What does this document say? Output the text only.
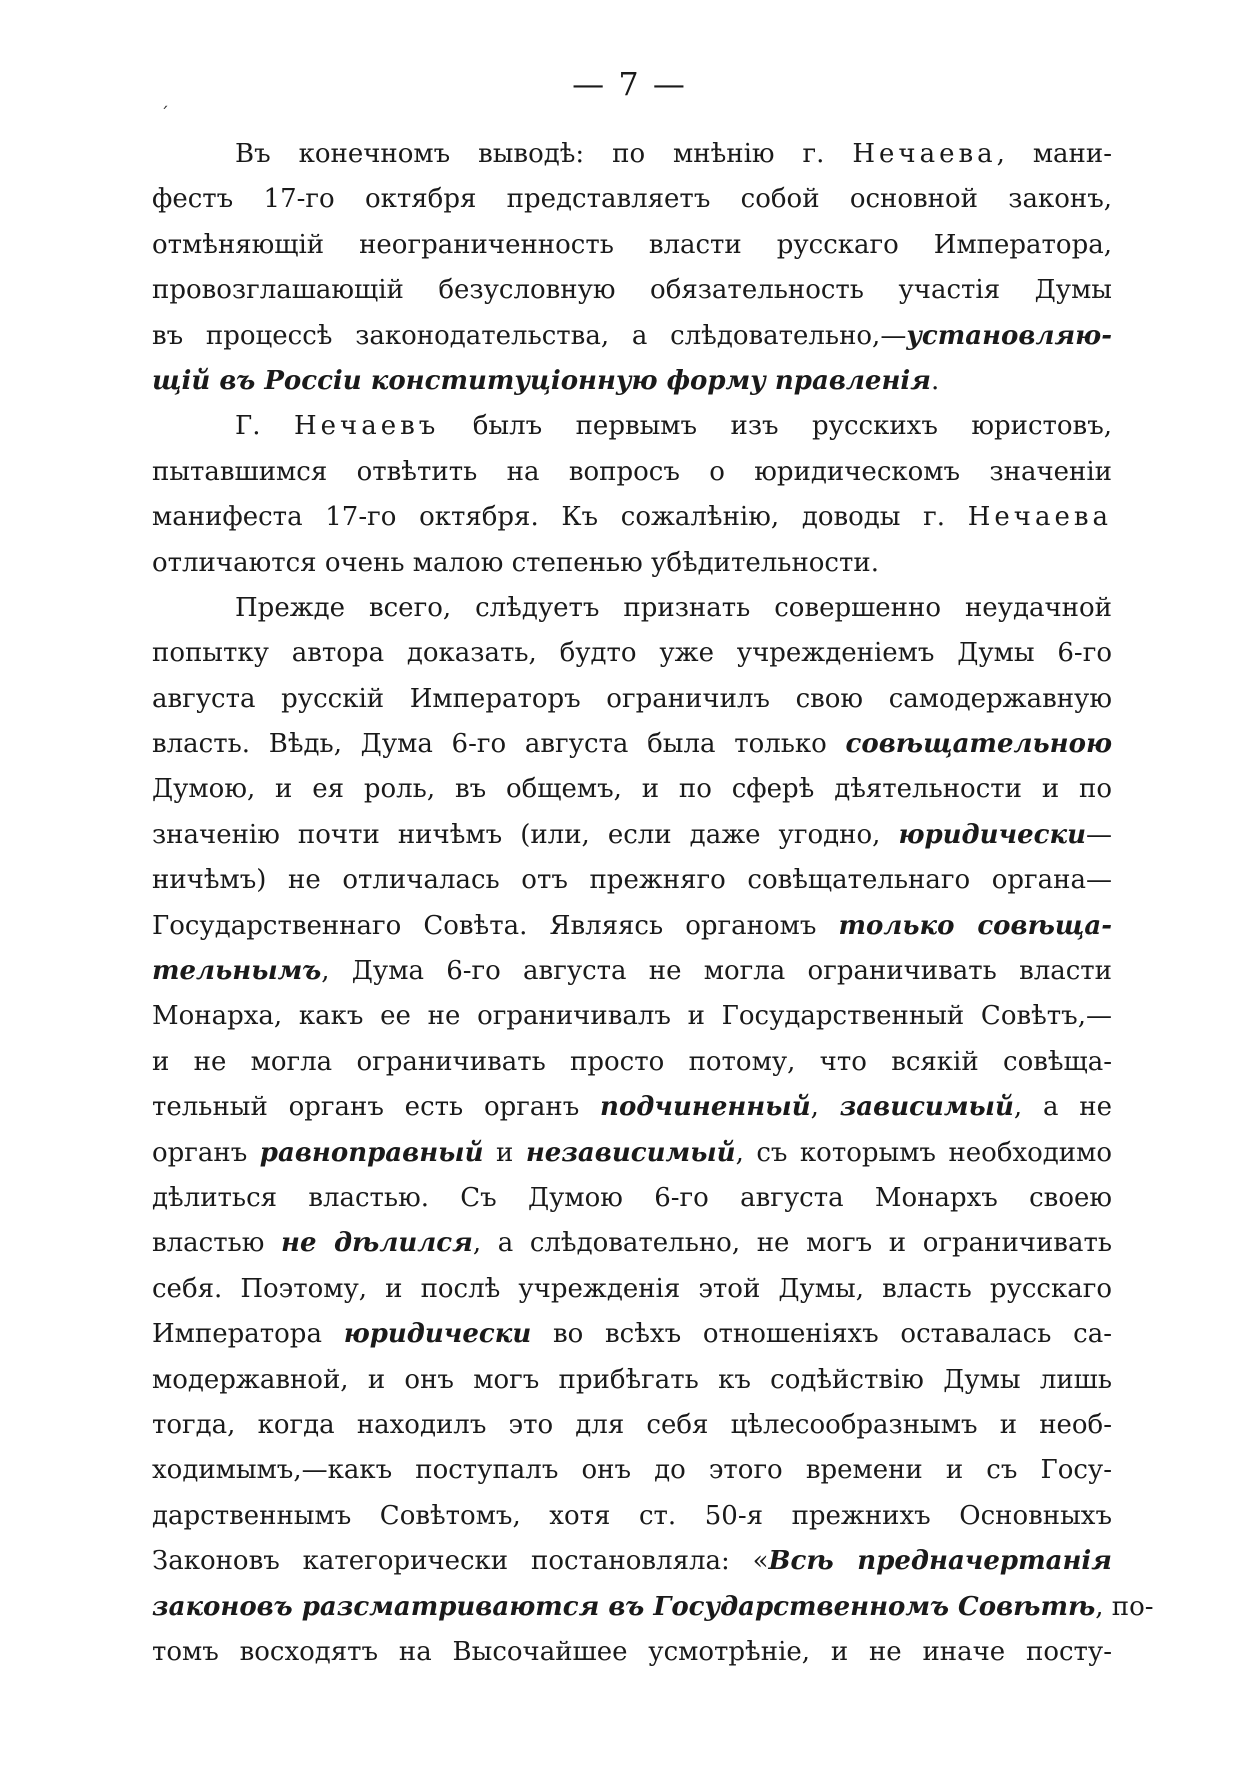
— 7 —
´
Въ конечномъ выводѣ: по мнѣнію г. Нечаева, мани-
фестъ 17-го октября представляетъ собой основной законъ,
отмѣняющій неограниченность власти русскаго Императора,
провозглашающій безусловную обязательность участія Думы
въ процессѣ законодательства, а слѣдовательно,—установляю-
щій въ Россіи конституціонную форму правленія.
Г. Нечаевъ былъ первымъ изъ русскихъ юристовъ,
пытавшимся отвѣтить на вопросъ о юридическомъ значеніи
манифеста 17-го октября. Къ сожалѣнію, доводы г. Нечаева
отличаются очень малою степенью убѣдительности.
Прежде всего, слѣдуетъ признать совершенно неудачной
попытку автора доказать, будто уже учрежденіемъ Думы 6-го
августа русскій Императоръ ограничилъ свою самодержавную
власть. Вѣдь, Дума 6-го августа была только совѣщательною
Думою, и ея роль, въ общемъ, и по сферѣ дѣятельности и по
значенію почти ничѣмъ (или, если даже угодно, юридически—
ничѣмъ) не отличалась отъ прежняго совѣщательнаго органа—
Государственнаго Совѣта. Являясь органомъ только совѣща-
тельнымъ, Дума 6-го августа не могла ограничивать власти
Монарха, какъ ее не ограничивалъ и Государственный Совѣтъ,—
и не могла ограничивать просто потому, что всякій совѣща-
тельный органъ есть органъ подчиненный, зависимый, а не
органъ равноправный и независимый, съ которымъ необходимо
дѣлиться властью. Съ Думою 6-го августа Монархъ своею
властью не дѣлился, а слѣдовательно, не могъ и ограничивать
себя. Поэтому, и послѣ учрежденія этой Думы, власть русскаго
Императора юридически во всѣхъ отношеніяхъ оставалась са-
модержавной, и онъ могъ прибѣгать къ содѣйствію Думы лишь
тогда, когда находилъ это для себя цѣлесообразнымъ и необ-
ходимымъ,—какъ поступалъ онъ до этого времени и съ Госу-
дарственнымъ Совѣтомъ, хотя ст. 50-я прежнихъ Основныхъ
Законовъ категорически постановляла: «Всѣ предначертанія
законовъ разсматриваются въ Государственномъ Совѣтѣ, по-
томъ восходятъ на Высочайшее усмотрѣніе, и не иначе посту-
